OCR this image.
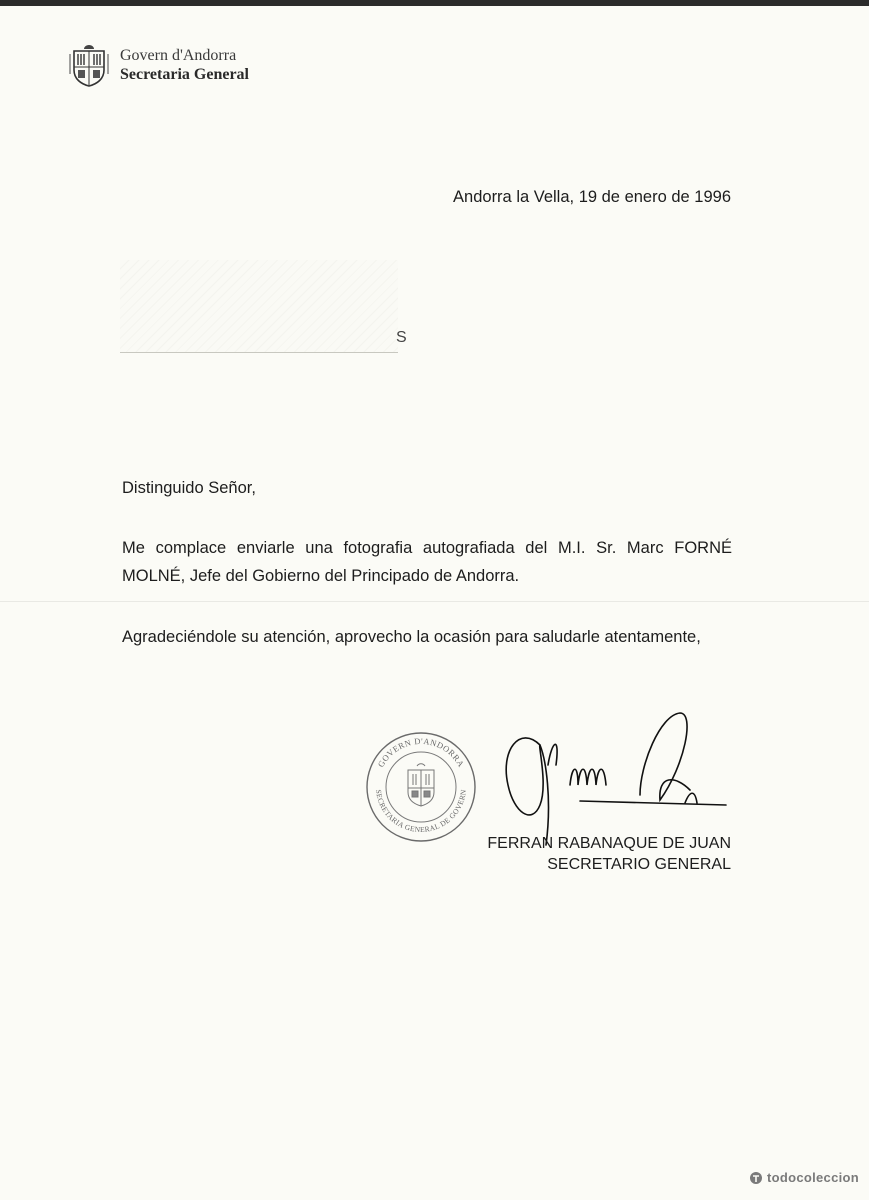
Govern d'Andorra
Secretaria General
Andorra la Vella, 19 de enero de 1996
S
Distinguido Señor,
Me complace enviarle una fotografia autografiada del M.I. Sr. Marc FORNÉ MOLNÉ, Jefe del Gobierno del Principado de Andorra.
Agradeciéndole su atención, aprovecho la ocasión para saludarle atentamente,
GOVERN D'ANDORRA
SECRETARIA GENERAL DE GOVERN
FERRAN RABANAQUE DE JUAN
SECRETARIO GENERAL
todocoleccion
